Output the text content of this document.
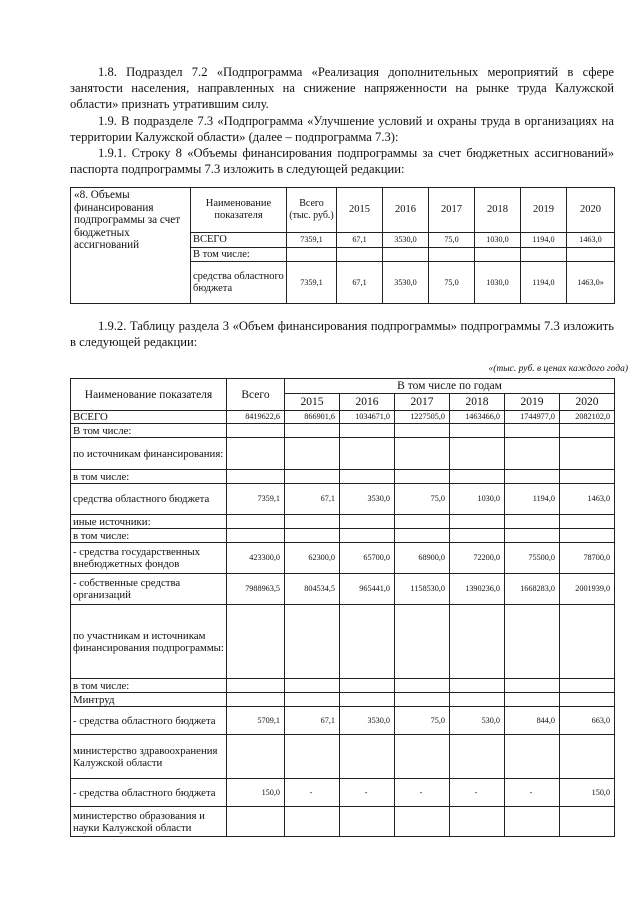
1.8. Подраздел 7.2 «Подпрограмма «Реализация дополнительных мероприятий в сфере занятости населения, направленных на снижение напряженности на рынке труда Калужской области» признать утратившим силу.

1.9. В подразделе 7.3 «Подпрограмма «Улучшение условий и охраны труда в организациях на территории Калужской области» (далее – подпрограмма 7.3):

1.9.1. Строку 8 «Объемы финансирования подпрограммы за счет бюджетных ассигнований» паспорта подпрограммы 7.3 изложить в следующей редакции:

«8. Объемы финансирования подпрограммы за счет бюджетных ассигнований	Наименование показателя	Всего (тыс. руб.)	2015	2016	2017	2018	2019	2020
	ВСЕГО	7359,1	67,1	3530,0	75,0	1030,0	1194,0	1463,0
	В том числе:							
	средства областного бюджета	7359,1	67,1	3530,0	75,0	1030,0	1194,0	1463,0»

1.9.2. Таблицу раздела 3 «Объем финансирования подпрограммы» подпрограммы 7.3 изложить в следующей редакции:

«(тыс. руб. в ценах каждого года)
Наименование показателя	Всего	В том числе по годам					
		2015	2016	2017	2018	2019	2020
ВСЕГО	8419622,6	866901,6	1034671,0	1227505,0	1463466,0	1744977,0	2082102,0
В том числе:							
по источникам финансирования:							
в том числе:							
средства областного бюджета	7359,1	67,1	3530,0	75,0	1030,0	1194,0	1463,0
иные источники:							
в том числе:							
- средства государственных внебюджетных фондов	423300,0	62300,0	65700,0	68900,0	72200,0	75500,0	78700,0
- собственные средства организаций	7988963,5	804534,5	965441,0	1158530,0	1390236,0	1668283,0	2001939,0
по участникам и источникам финансирования подпрограммы:							
в том числе:							
Минтруд							
- средства областного бюджета	5709,1	67,1	3530,0	75,0	530,0	844,0	663,0
министерство здравоохранения Калужской области							
- средства областного бюджета	150,0	-	-	-	-	-	150,0
министерство образования и науки Калужской области							
